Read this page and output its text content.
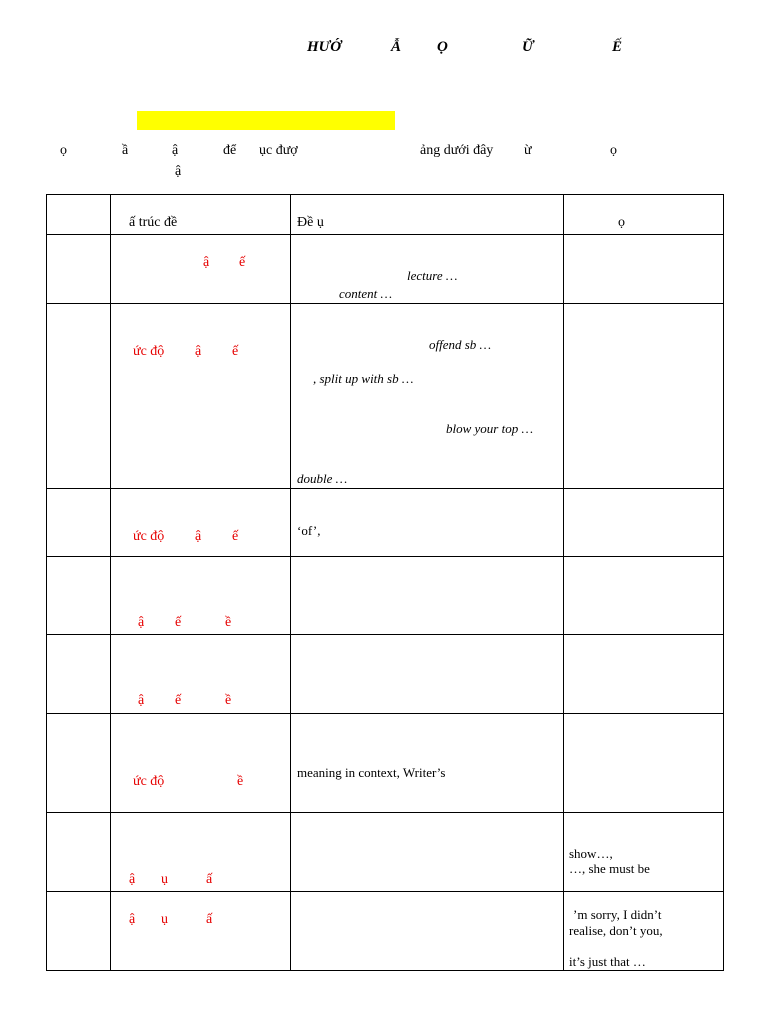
HƯỚ	Ẫ Ọ	Ữ	Ế
ọ	ầ	ậ	để ục đượ	ảng dưới đây ừ	ọ
ậ

	ấ trúc đề	Đề ụ	ọ

	ậ ế	lecture …
content …	

	ức độ ậ ế	offend sb …
, split up with sb …
blow your top …
double …	

	ức độ ậ ế	‘of’,	

	ậ ế ề		

	ậ ế ề		

	ức độ ề	meaning in context, Writer’s	

	ậ ụ ấ		show…,
…, she must be

	ậ ụ ấ		’m sorry, I didn’t
realise, don’t you,
it’s just that …
